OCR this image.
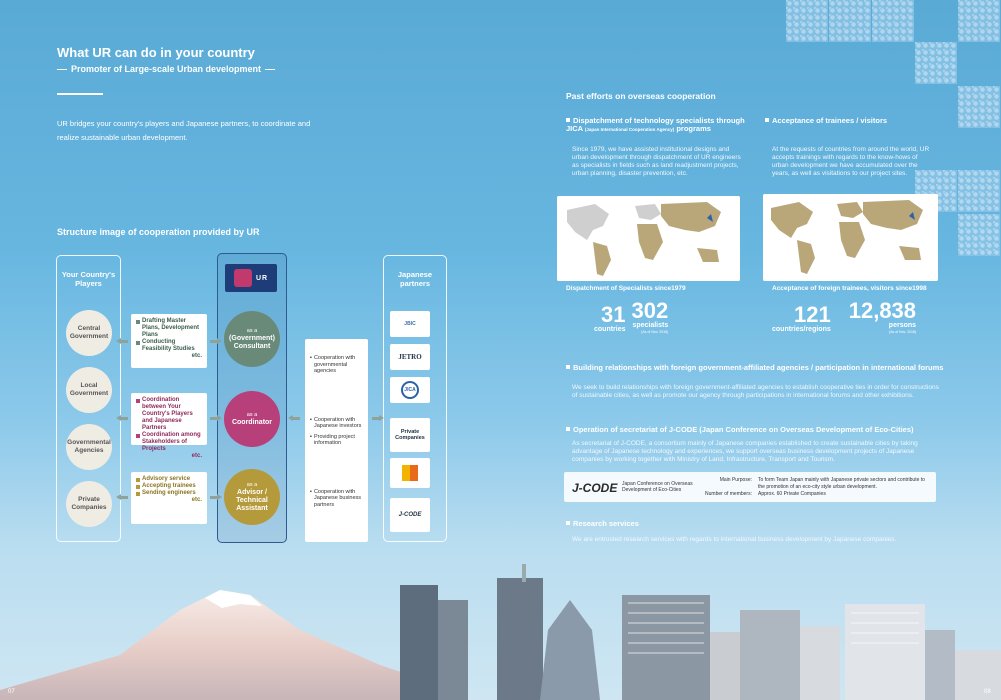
What UR can do in your country
Promoter of Large-scale Urban development
UR bridges your country's players and Japanese partners, to coordinate and realize sustainable urban development.
Structure image of cooperation provided by UR
Your Country's Players
Japanese partners
UR
Central Government
Local Government
Governmental Agencies
Private Companies
as a
(Government) Consultant
as a
Coordinator
as a
Advisor / Technical Assistant
Drafting Master Plans, Development Plans
Conducting Feasibility Studies
etc.
Coordination between Your Country's Players and Japanese Partners
Coordination among Stakeholders of Projects
etc.
Advisory service
Accepting trainees
Sending engineers
etc.
▪ Cooperation with governmental agencies
▪ Cooperation with Japanese investors
▪ Providing project information
▪ Cooperation with Japanese business partners
JBIC
JETRO
JICA
Private Companies
J-CODE
Past efforts on overseas cooperation
Dispatchment of technology specialists through JICA (Japan International Cooperation Agency) programs
Since 1979, we have assisted institutional designs and urban development through dispatchment of UR engineers as specialists in fields such as land readjustment projects, urban planning, disaster prevention, etc.
Dispatchment of Specialists since1979
31
countries
302
specialists
(As of Nov. 2018)
Acceptance of trainees / visitors
At the requests of countries from around the world, UR accepts trainings with regards to the know-hows of urban development we have accumulated over the years, as well as visitations to our project sites.
Acceptance of foreign trainees, visitors since1998
121
countries/regions
12,838
persons
(As of Nov. 2018)
Building relationships with foreign government-affiliated agencies / participation in international forums
We seek to build relationships with foreign government-affiliated agencies to establish cooperative ties in order for constructions of sustainable cities, as well as promote our agency through participations in international forums and other exhibitions.
Operation of secretariat of J-CODE (Japan Conference on Overseas Development of Eco-Cities)
As secretariat of J-CODE, a consortium mainly of Japanese companies established to create sustainable cities by taking advantage of Japanese technology and experiences, we support overseas business development projects of Japanese companies by working together with Ministry of Land, Infrastructure, Transport and Tourism.
J-CODE Japan Conference on Overseas Development of Eco-Cities
Main Purpose: To form Team Japan mainly with Japanese private sectors and contribute to the promotion of an eco-city style urban development.
Number of members: Approx. 60 Private Companies
Research services
We are entrusted research services with regards to international business development by Japanese companies.
07	08
